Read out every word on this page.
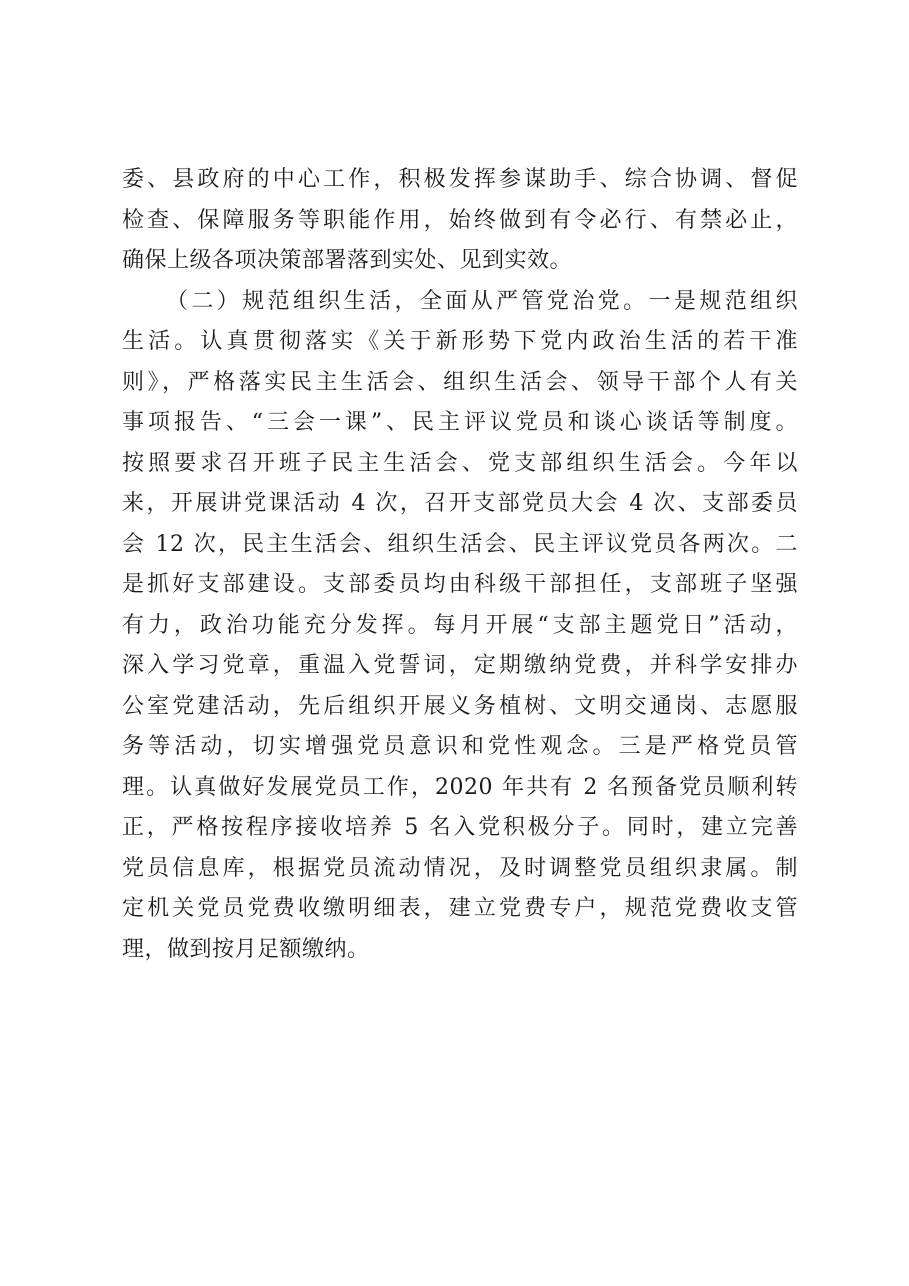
委、县政府的中心工作，积极发挥参谋助手、综合协调、督促
检查、保障服务等职能作用，始终做到有令必行、有禁必止，
确保上级各项决策部署落到实处、见到实效。
（二）规范组织生活，全面从严管党治党。一是规范组织
生活。认真贯彻落实《关于新形势下党内政治生活的若干准
则》，严格落实民主生活会、组织生活会、领导干部个人有关
事项报告、“三会一课”、民主评议党员和谈心谈话等制度。
按照要求召开班子民主生活会、党支部组织生活会。今年以
来，开展讲党课活动 4 次，召开支部党员大会 4 次、支部委员
会 12 次，民主生活会、组织生活会、民主评议党员各两次。二
是抓好支部建设。支部委员均由科级干部担任，支部班子坚强
有力，政治功能充分发挥。每月开展“支部主题党日”活动，
深入学习党章，重温入党誓词，定期缴纳党费，并科学安排办
公室党建活动，先后组织开展义务植树、文明交通岗、志愿服
务等活动，切实增强党员意识和党性观念。三是严格党员管
理。认真做好发展党员工作，2020 年共有 2 名预备党员顺利转
正，严格按程序接收培养 5 名入党积极分子。同时，建立完善
党员信息库，根据党员流动情况，及时调整党员组织隶属。制
定机关党员党费收缴明细表，建立党费专户，规范党费收支管
理，做到按月足额缴纳。
